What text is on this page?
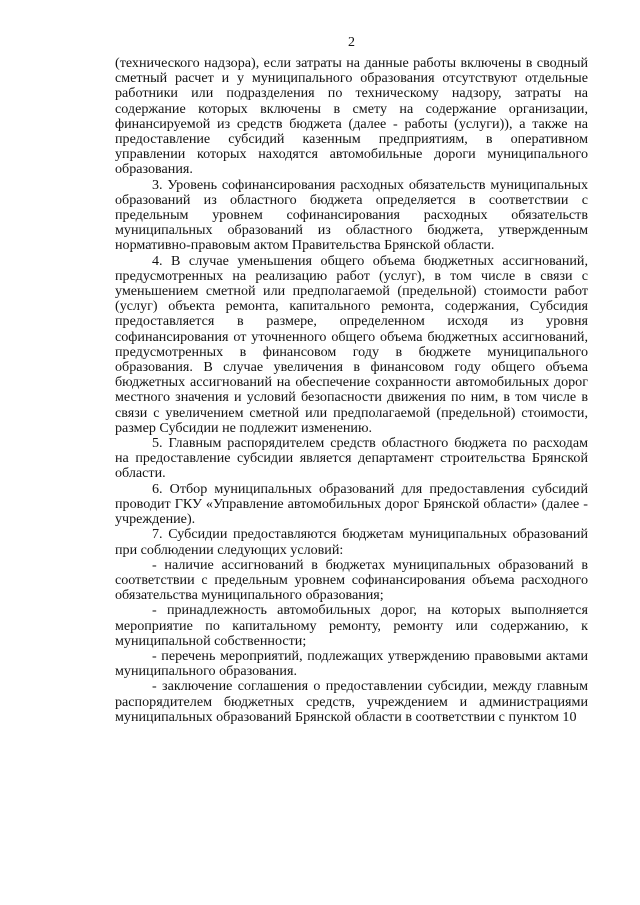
2

(технического надзора), если затраты на данные работы включены в сводный сметный расчет и у муниципального образования отсутствуют отдельные работники или подразделения по техническому надзору, затраты на содержание которых включены в смету на содержание организации, финансируемой из средств бюджета (далее - работы (услуги)), а также на предоставление субсидий казенным предприятиям, в оперативном управлении которых находятся автомобильные дороги муниципального образования.

3. Уровень софинансирования расходных обязательств муниципальных образований из областного бюджета определяется в соответствии с предельным уровнем софинансирования расходных обязательств муниципальных образований из областного бюджета, утвержденным нормативно-правовым актом Правительства Брянской области.

4. В случае уменьшения общего объема бюджетных ассигнований, предусмотренных на реализацию работ (услуг), в том числе в связи с уменьшением сметной или предполагаемой (предельной) стоимости работ (услуг) объекта ремонта, капитального ремонта, содержания, Субсидия предоставляется в размере, определенном исходя из уровня софинансирования от уточненного общего объема бюджетных ассигнований, предусмотренных в финансовом году в бюджете муниципального образования. В случае увеличения в финансовом году общего объема бюджетных ассигнований на обеспечение сохранности автомобильных дорог местного значения и условий безопасности движения по ним, в том числе в связи с увеличением сметной или предполагаемой (предельной) стоимости, размер Субсидии не подлежит изменению.

5. Главным распорядителем средств областного бюджета по расходам на предоставление субсидии является департамент строительства Брянской области.

6. Отбор муниципальных образований для предоставления субсидий проводит ГКУ «Управление автомобильных дорог Брянской области» (далее - учреждение).

7. Субсидии предоставляются бюджетам муниципальных образований при соблюдении следующих условий:

- наличие ассигнований в бюджетах муниципальных образований в соответствии с предельным уровнем софинансирования объема расходного обязательства муниципального образования;

- принадлежность автомобильных дорог, на которых выполняется мероприятие по капитальному ремонту, ремонту или содержанию, к муниципальной собственности;

- перечень мероприятий, подлежащих утверждению правовыми актами муниципального образования.

- заключение соглашения о предоставлении субсидии, между главным распорядителем бюджетных средств, учреждением и администрациями муниципальных образований Брянской области в соответствии с пунктом 10
